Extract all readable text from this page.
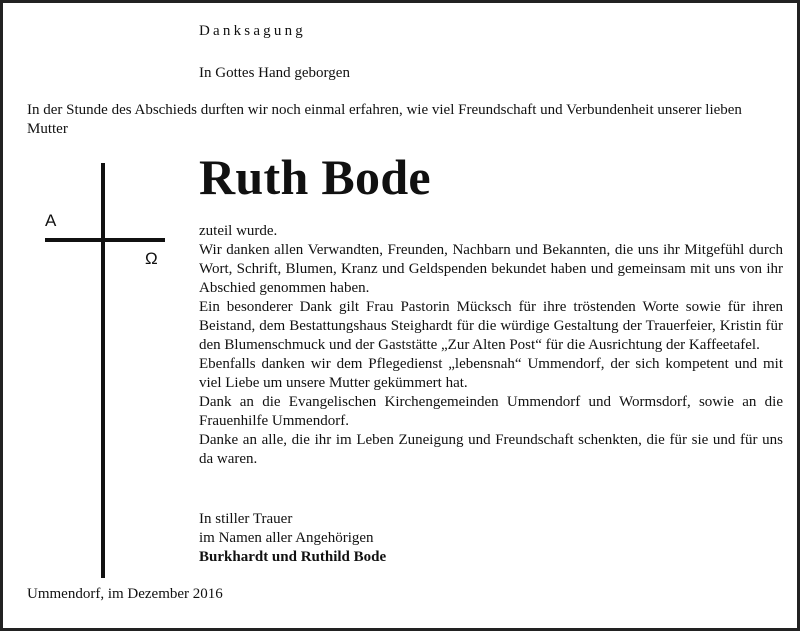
Danksagung
In Gottes Hand geborgen
In der Stunde des Abschieds durften wir noch einmal erfahren, wie viel Freundschaft und Verbundenheit unserer lieben Mutter
A
Ω
Ruth Bode

zuteil wurde.

Wir danken allen Verwandten, Freunden, Nachbarn und Bekannten, die uns ihr Mitgefühl durch Wort, Schrift, Blumen, Kranz und Geldspenden bekundet haben und gemeinsam mit uns von ihr Abschied genommen haben.

Ein besonderer Dank gilt Frau Pastorin Mücksch für ihre tröstenden Worte sowie für ihren Beistand, dem Bestattungshaus Steighardt für die würdige Gestaltung der Trauerfeier, Kristin für den Blumenschmuck und der Gaststätte „Zur Alten Post“ für die Ausrichtung der Kaffeetafel.

Ebenfalls danken wir dem Pflegedienst „lebensnah“ Ummendorf, der sich kompetent und mit viel Liebe um unsere Mutter gekümmert hat.

Dank an die Evangelischen Kirchengemeinden Ummendorf und Wormsdorf, sowie an die Frauenhilfe Ummendorf.

Danke an alle, die ihr im Leben Zuneigung und Freundschaft schenkten, die für sie und für uns da waren.

In stiller Trauer
im Namen aller Angehörigen
Burkhardt und Ruthild Bode
Ummendorf, im Dezember 2016
